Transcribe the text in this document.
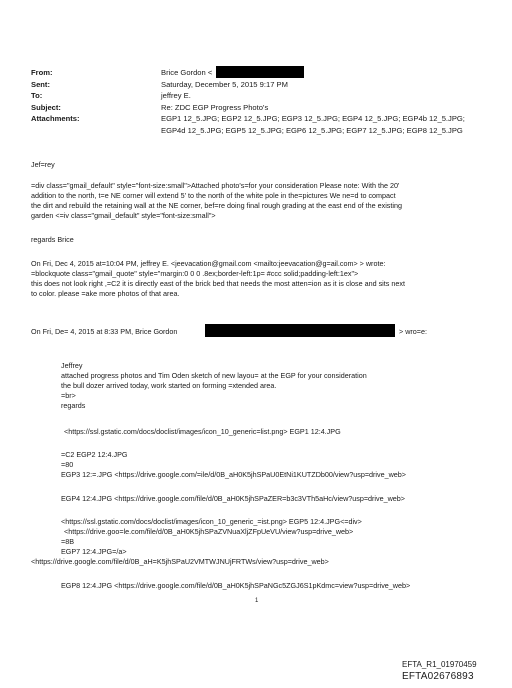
From:	Brice Gordon <
Sent:	Saturday, December 5, 2015 9:17 PM
To:	jeffrey E.
Subject:	Re: ZDC EGP Progress Photo's
Attachments:	EGP1 12_5.JPG; EGP2 12_5.JPG; EGP3 12_5.JPG; EGP4 12_5.JPG; EGP4b 12_5.JPG;
EGP4d 12_5.JPG; EGP5 12_5.JPG; EGP6 12_5.JPG; EGP7 12_5.JPG; EGP8 12_5.JPG
Jef=rey
=div class="gmail_default" style="font-size:small">Attached photo's=for your consideration Please note: With the 20'
addition to the north, t=e NE corner will extend 5' to the north of the white pole in the=pictures We ne=d to compact
the dirt and rebuild the retaining wall at the NE corner, bef=re doing final rough grading at the east end of the existing
garden <=iv class="gmail_default" style="font-size:small">
regards Brice
On Fri, Dec 4, 2015 at=10:04 PM, jeffrey E. <jeevacation@gmail.com <mailto:jeevacation@g=ail.com> > wrote:
=blockquote class="gmail_quote" style="margin:0 0 0 .8ex;border-left:1p= #ccc solid;padding-left:1ex">
this does not look right ,=C2 it is directly east of the brick bed that needs the most atten=ion as it is close and sits next
to color. please =ake more photos of that area.
On Fri, De= 4, 2015 at 8:33 PM, Brice Gordon	> wro=e:
Jeffrey
attached progress photos and Tim Oden sketch of new layou= at the EGP for your consideration
the bull dozer arrived today, work started on forming =xtended area.
=br>
regards
<https://ssl.gstatic.com/docs/doclist/images/icon_10_generic=list.png> EGP1 12:4.JPG
=C2 EGP2 12:4.JPG
=80
EGP3 12:=.JPG <https://drive.google.com/=ile/d/0B_aH0K5jhSPaU0EtNi1KUTZDb00/view?usp=drive_web>
EGP4 12:4.JPG <https://drive.google.com/file/d/0B_aH0K5jhSPaZER=b3c3VTh5aHc/view?usp=drive_web>
<https://ssl.gstatic.com/docs/doclist/images/icon_10_generic_=ist.png> EGP5 12:4.JPG<=div>
<https://drive.goo=le.com/file/d/0B_aH0K5jhSPaZVNuaXljZFpUeVU/view?usp=drive_web>
=8B
EGP7 12:4.JPG=/a>
<https://drive.google.com/file/d/0B_aH=K5jhSPaU2VMTWJNUjFRTWs/view?usp=drive_web>
EGP8 12:4.JPG <https://drive.google.com/file/d/0B_aH0K5jhSPaNGc5ZGJ6S1pKdmc=view?usp=drive_web>
1
EFTA_R1_01970459
EFTA02676893
